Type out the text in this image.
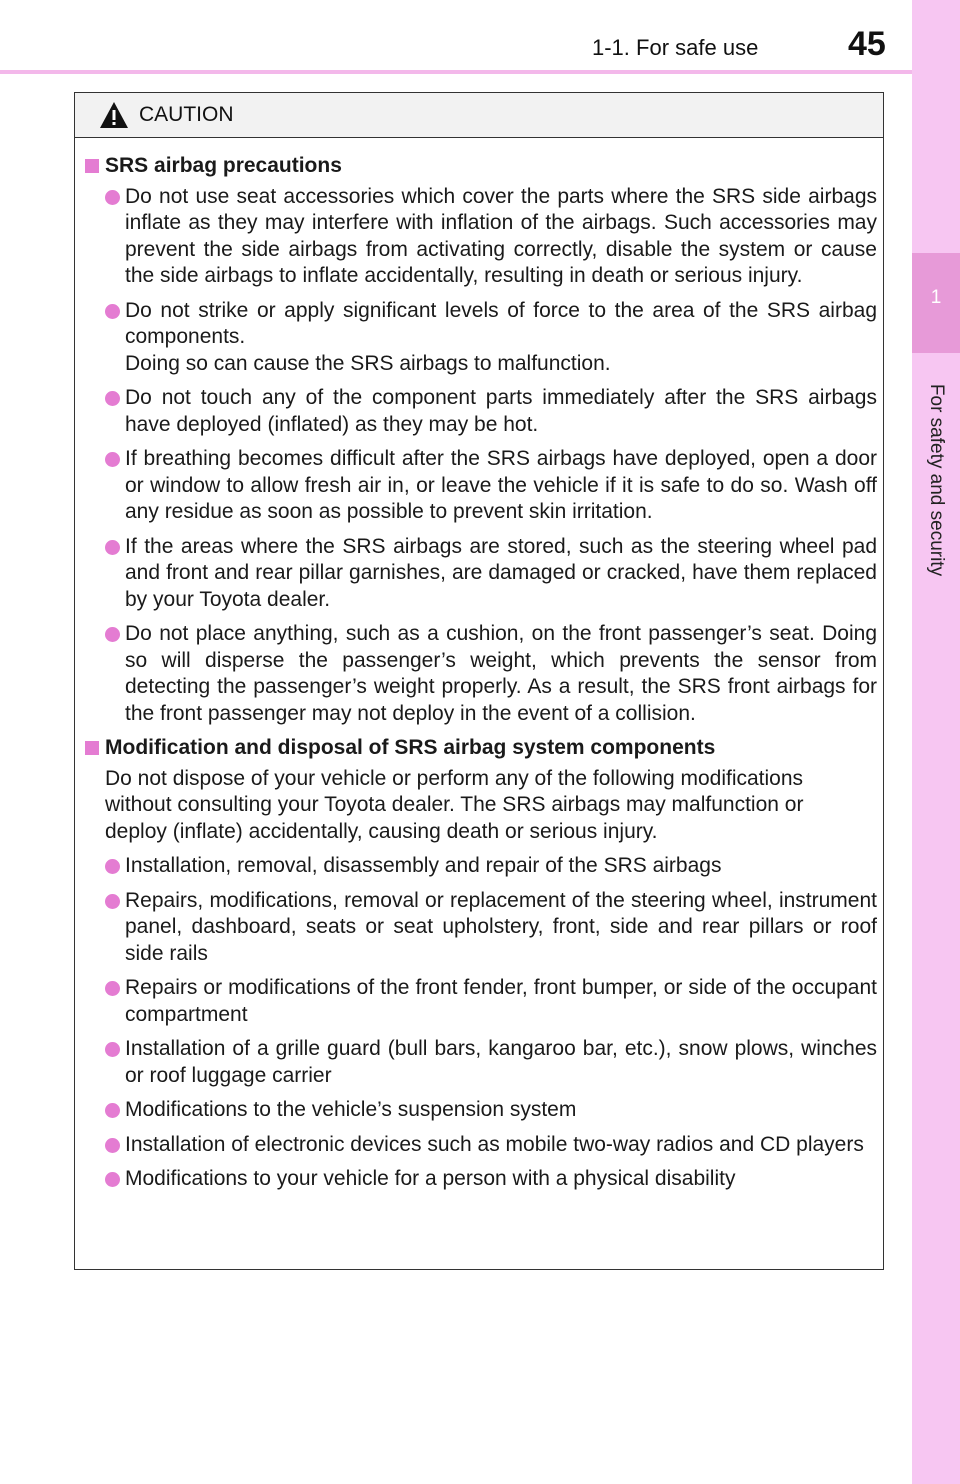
1-1. For safe use	45
1
For safety and security
CAUTION
SRS airbag precautions
Do not use seat accessories which cover the parts where the SRS side airbags inflate as they may interfere with inflation of the airbags. Such accessories may prevent the side airbags from activating correctly, disable the system or cause the side airbags to inflate accidentally, resulting in death or serious injury.
Do not strike or apply significant levels of force to the area of the SRS airbag components.
Doing so can cause the SRS airbags to malfunction.
Do not touch any of the component parts immediately after the SRS airbags have deployed (inflated) as they may be hot.
If breathing becomes difficult after the SRS airbags have deployed, open a door or window to allow fresh air in, or leave the vehicle if it is safe to do so. Wash off any residue as soon as possible to prevent skin irritation.
If the areas where the SRS airbags are stored, such as the steering wheel pad and front and rear pillar garnishes, are damaged or cracked, have them replaced by your Toyota dealer.
Do not place anything, such as a cushion, on the front passenger’s seat. Doing so will disperse the passenger’s weight, which prevents the sensor from detecting the passenger’s weight properly. As a result, the SRS front airbags for the front passenger may not deploy in the event of a collision.
Modification and disposal of SRS airbag system components
Do not dispose of your vehicle or perform any of the following modifications without consulting your Toyota dealer. The SRS airbags may malfunction or deploy (inflate) accidentally, causing death or serious injury.
Installation, removal, disassembly and repair of the SRS airbags
Repairs, modifications, removal or replacement of the steering wheel, instrument panel, dashboard, seats or seat upholstery, front, side and rear pillars or roof side rails
Repairs or modifications of the front fender, front bumper, or side of the occupant compartment
Installation of a grille guard (bull bars, kangaroo bar, etc.), snow plows, winches or roof luggage carrier
Modifications to the vehicle’s suspension system
Installation of electronic devices such as mobile two-way radios and CD players
Modifications to your vehicle for a person with a physical disability
